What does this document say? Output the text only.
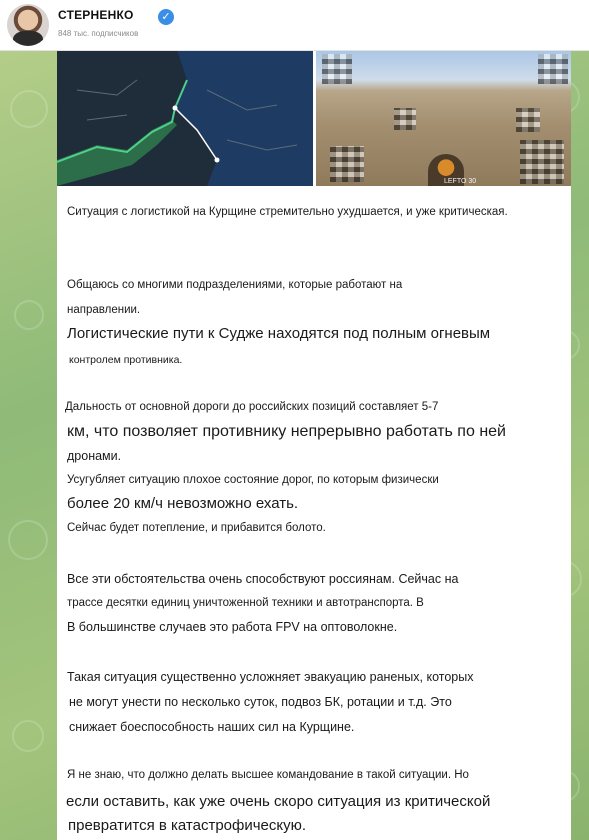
СТЕРНЕНКО	✓
848 тыс. подписчиков
LEFTO 30

Ситуация с логистикой на Курщине стремительно ухудшается, и уже критическая.

Общаюсь со многими подразделениями, которые работают на

направлении.

Логистические пути к Судже находятся под полным огневым

контролем противника.

Дальность от основной дороги до российских позиций составляет 5-7

км, что позволяет противнику непрерывно работать по ней

дронами.

Усугубляет ситуацию плохое состояние дорог, по которым физически

более 20 км/ч невозможно ехать.

Сейчас будет потепление, и прибавится болото.

Все эти обстоятельства очень способствуют россиянам. Сейчас на

трассе десятки единиц уничтоженной техники и автотранспорта. В

В большинстве случаев это работа FPV на оптоволокне.

Такая ситуация существенно усложняет эвакуацию раненых, которых

не могут унести по несколько суток, подвоз БК, ротации и т.д. Это

снижает боеспособность наших сил на Курщине.

Я не знаю, что должно делать высшее командование в такой ситуации. Но

если оставить, как уже очень скоро ситуация из критической

превратится в катастрофическую.
